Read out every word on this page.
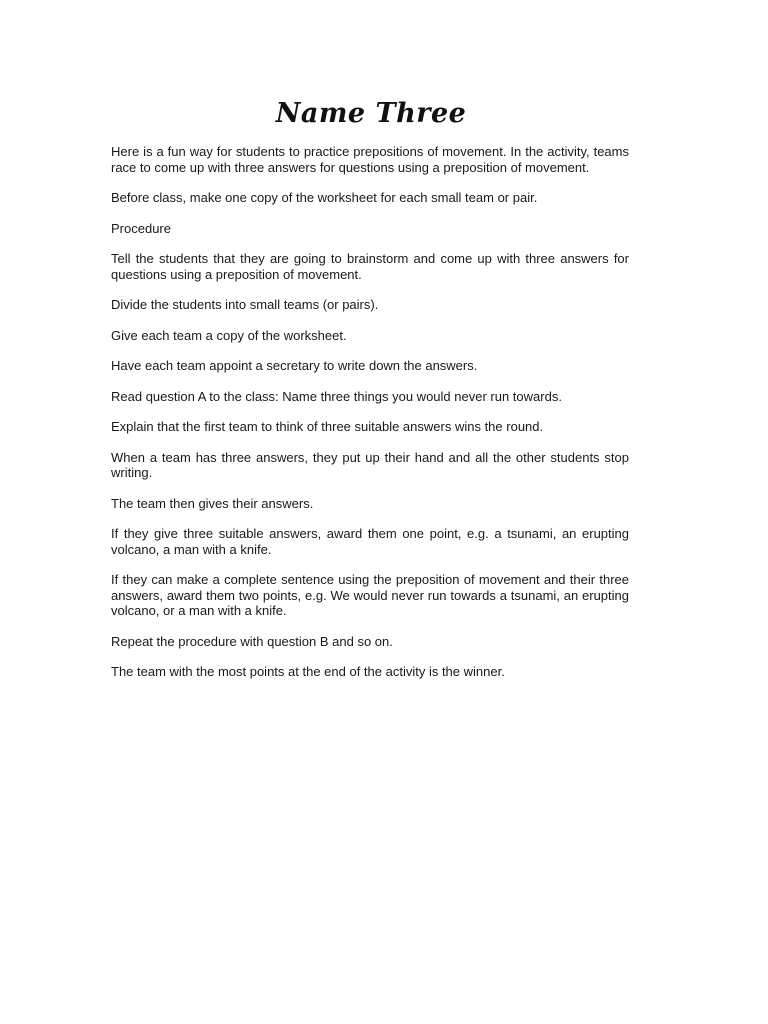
Name Three

Here is a fun way for students to practice prepositions of movement. In the activity, teams race to come up with three answers for questions using a preposition of movement.

Before class, make one copy of the worksheet for each small team or pair.

Procedure

Tell the students that they are going to brainstorm and come up with three answers for questions using a preposition of movement.

Divide the students into small teams (or pairs).

Give each team a copy of the worksheet.

Have each team appoint a secretary to write down the answers.

Read question A to the class: Name three things you would never run towards.

Explain that the first team to think of three suitable answers wins the round.

When a team has three answers, they put up their hand and all the other students stop writing.

The team then gives their answers.

If they give three suitable answers, award them one point, e.g. a tsunami, an erupting volcano, a man with a knife.

If they can make a complete sentence using the preposition of movement and their three answers, award them two points, e.g. We would never run towards a tsunami, an erupting volcano, or a man with a knife.

Repeat the procedure with question B and so on.

The team with the most points at the end of the activity is the winner.
